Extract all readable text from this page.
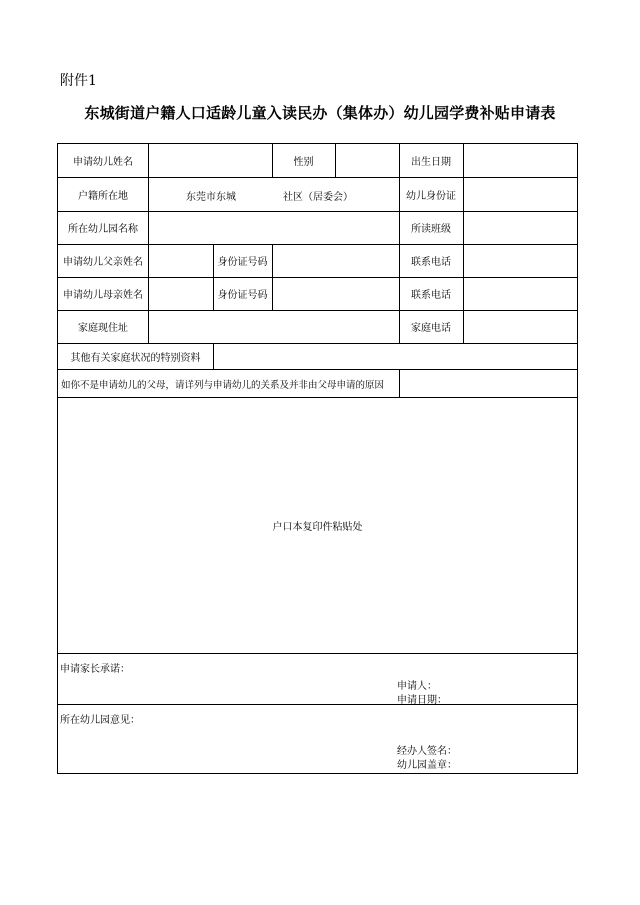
附件1
东城街道户籍人口适龄儿童入读民办（集体办）幼儿园学费补贴申请表
申请幼儿姓名	性别	出生日期
户籍所在地	东莞市东城	社区（居委会）	幼儿身份证
所在幼儿园名称	所读班级
申请幼儿父亲姓名	身份证号码	联系电话
申请幼儿母亲姓名	身份证号码	联系电话
家庭现住址	家庭电话
其他有关家庭状况的特别资料
如你不是申请幼儿的父母，请详列与申请幼儿的关系及并非由父母申请的原因
户口本复印件粘贴处
申请家长承诺：
申请人：
申请日期：
所在幼儿园意见：
经办人签名：
幼儿园盖章：
